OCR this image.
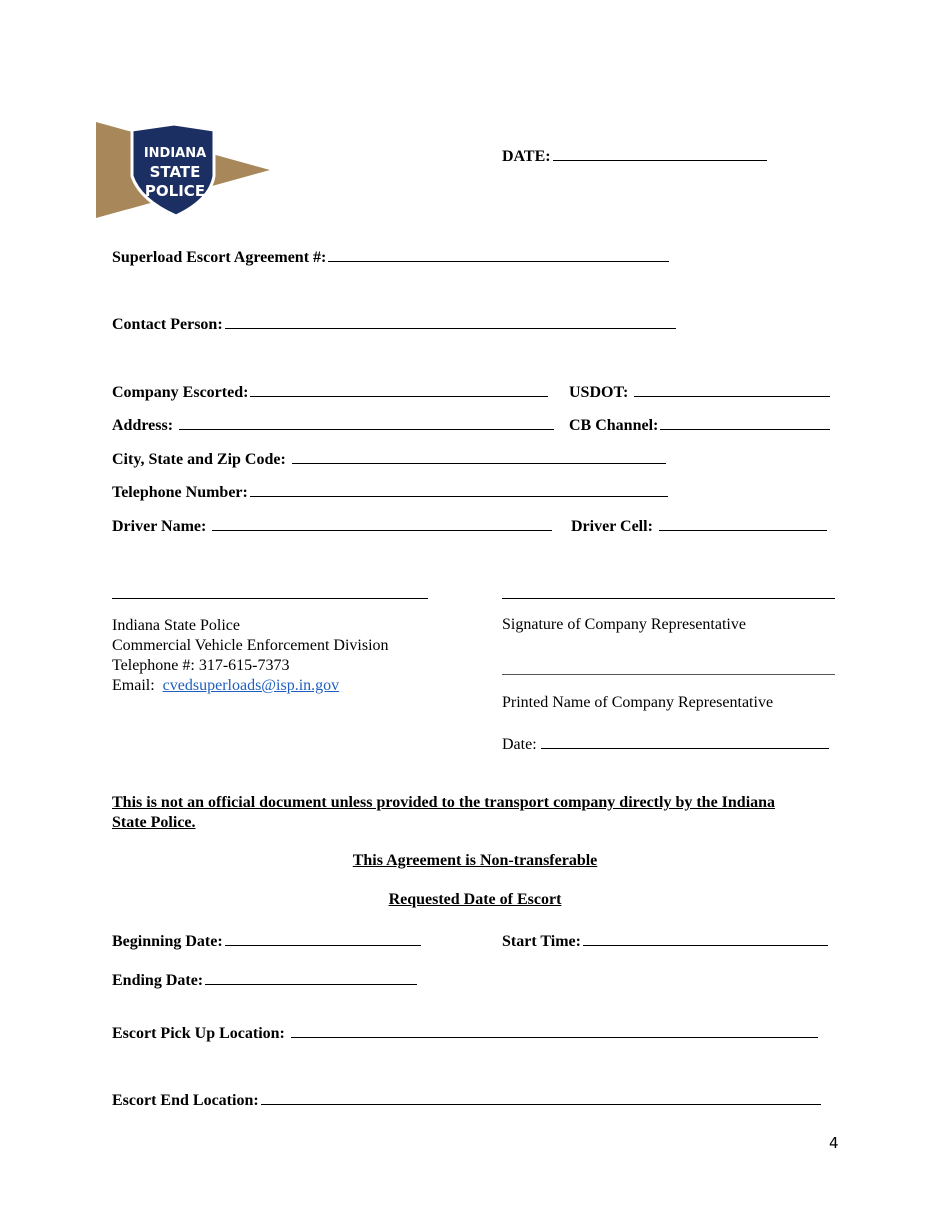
INDIANA
STATE
POLICE
DATE:
Superload Escort Agreement #:
Contact Person:
Company Escorted:	USDOT:
Address:	CB Channel:
City, State and Zip Code:
Telephone Number:
Driver Name:	Driver Cell:
Indiana State Police
Commercial Vehicle Enforcement Division
Telephone #: 317-615-7373
Email: cvedsuperloads@isp.in.gov
Signature of Company Representative
Printed Name of Company Representative
Date:
This is not an official document unless provided to the transport company directly by the Indiana
State Police.
This Agreement is Non-transferable
Requested Date of Escort
Beginning Date:	Start Time:
Ending Date:
Escort Pick Up Location:
Escort End Location:
4
